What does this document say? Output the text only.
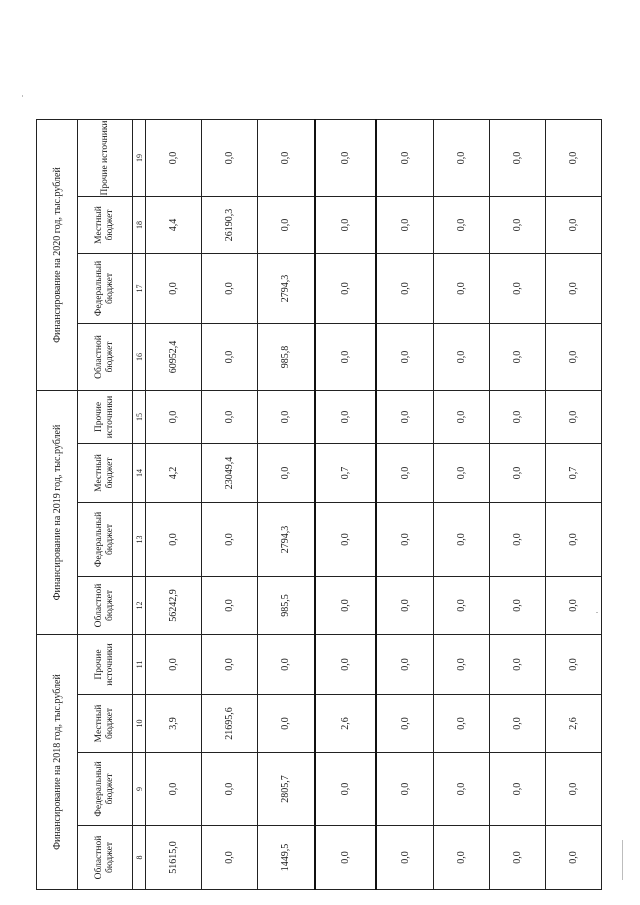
Финансирование на 2018 год, тыс.рублей				Финансирование на 2019 год, тыс.рублей				Финансирование на 2020 год, тыс.рублей			
Областной бюджет	Федеральный бюджет	Местный бюджет	Прочие источники	Областной бюджет	Федеральный бюджет	Местный бюджет	Прочие источники	Областной бюджет	Федеральный бюджет	Местный бюджет	Прочие источники
8	9	10	11	12	13	14	15	16	17	18	19
51615,0	0,0	3,9	0,0	56242,9	0,0	4,2	0,0	60952,4	0,0	4,4	0,0
0,0	0,0	21695,6	0,0	0,0	0,0	23049,4	0,0	0,0	0,0	26190,3	0,0
1449,5	2805,7	0,0	0,0	985,5	2794,3	0,0	0,0	985,8	2794,3	0,0	0,0
0,0	0,0	2,6	0,0	0,0	0,0	0,7	0,0	0,0	0,0	0,0	0,0
0,0	0,0	0,0	0,0	0,0	0,0	0,0	0,0	0,0	0,0	0,0	0,0
0,0	0,0	0,0	0,0	0,0	0,0	0,0	0,0	0,0	0,0	0,0	0,0
0,0	0,0	0,0	0,0	0,0	0,0	0,0	0,0	0,0	0,0	0,0	0,0
0,0	0,0	2,6	0,0	0,0	0,0	0,7	0,0	0,0	0,0	0,0	0,0
